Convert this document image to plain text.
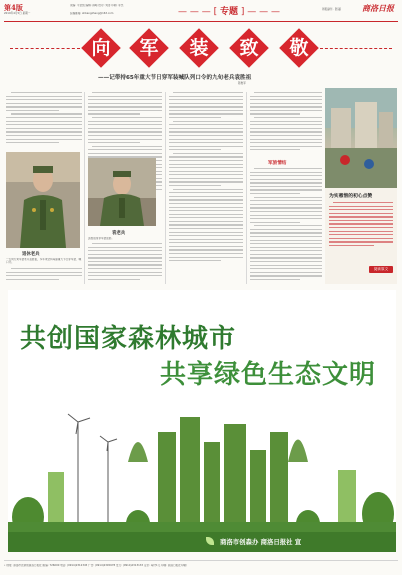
第4版
2019年4月5日 星期一
责编: 牛金凯 编辑: 薛峰 校对: 刘涛 印刷: 李杰
投稿邮箱: shbangzheng@163.com	— — — [ 专题 ] — — —	周报副刊 · 图 赢	商洛日报
向 军 装 致 敬
——记带持65年重大节日穿军装喊队列口令的九旬老兵袁胜祖
陈维军
退休老兵
一九旬九旬军装老兵袁胜祖，多年来坚持每逢重大节日穿军装、喊口令。
袁老兵
袁胜祖身穿军装留影。
军旅情结
为实惠惜的初心点赞
阅读原文
共创国家森林城市
共享绿色生态文明
商洛市创森办 商洛日报社 宣
• 地址: 商洛市北新街商洛日报社 邮编: 726000 电话: (0914)2312345 广告: (0914)2345678 发行: (0914)2313133 定价: 每份1元 印刷: 商洛日报社印刷厂
